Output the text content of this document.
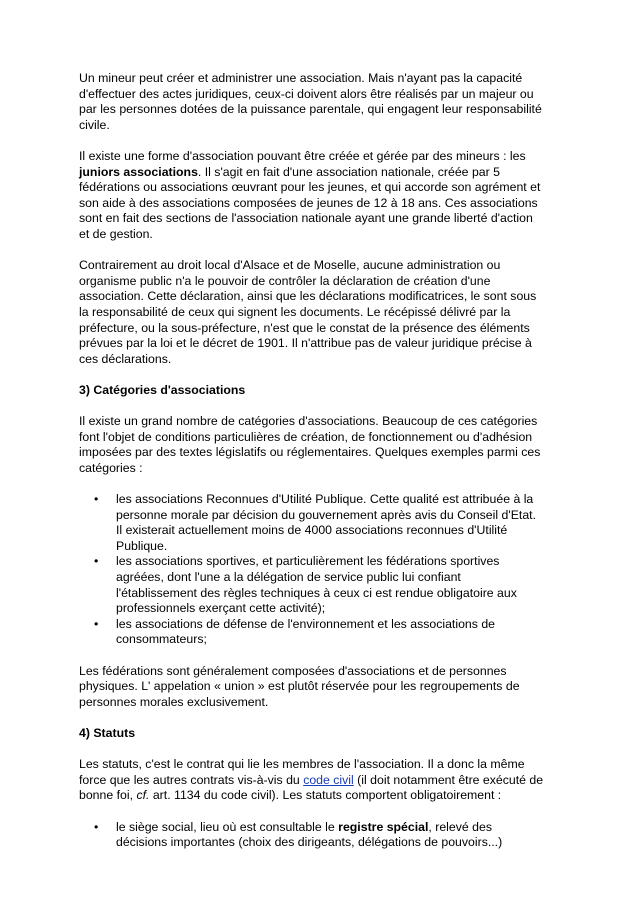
Un mineur peut créer et administrer une association. Mais n'ayant pas la capacité
d'effectuer des actes juridiques, ceux-ci doivent alors être réalisés par un majeur ou
par les personnes dotées de la puissance parentale, qui engagent leur responsabilité
civile.

Il existe une forme d'association pouvant être créée et gérée par des mineurs : les
juniors associations. Il s'agit en fait d'une association nationale, créée par 5
fédérations ou associations œuvrant pour les jeunes, et qui accorde son agrément et
son aide à des associations composées de jeunes de 12 à 18 ans. Ces associations
sont en fait des sections de l'association nationale ayant une grande liberté d'action
et de gestion.

Contrairement au droit local d'Alsace et de Moselle, aucune administration ou
organisme public n'a le pouvoir de contrôler la déclaration de création d'une
association. Cette déclaration, ainsi que les déclarations modificatrices, le sont sous
la responsabilité de ceux qui signent les documents. Le récépissé délivré par la
préfecture, ou la sous-préfecture, n'est que le constat de la présence des éléments
prévues par la loi et le décret de 1901. Il n'attribue pas de valeur juridique précise à
ces déclarations.

3) Catégories d'associations

Il existe un grand nombre de catégories d'associations. Beaucoup de ces catégories
font l'objet de conditions particulières de création, de fonctionnement ou d'adhésion
imposées par des textes législatifs ou réglementaires. Quelques exemples parmi ces
catégories :

• les associations Reconnues d'Utilité Publique. Cette qualité est attribuée à la
personne morale par décision du gouvernement après avis du Conseil d'Etat.
Il existerait actuellement moins de 4000 associations reconnues d'Utilité
Publique.
• les associations sportives, et particulièrement les fédérations sportives
agréées, dont l'une a la délégation de service public lui confiant
l'établissement des règles techniques à ceux ci est rendue obligatoire aux
professionnels exerçant cette activité);
• les associations de défense de l'environnement et les associations de
consommateurs;

Les fédérations sont généralement composées d'associations et de personnes
physiques. L' appelation « union » est plutôt réservée pour les regroupements de
personnes morales exclusivement.

4) Statuts

Les statuts, c'est le contrat qui lie les membres de l'association. Il a donc la même
force que les autres contrats vis-à-vis du code civil (il doit notamment être exécuté de
bonne foi, cf. art. 1134 du code civil). Les statuts comportent obligatoirement :

• le siège social, lieu où est consultable le registre spécial, relevé des
décisions importantes (choix des dirigeants, délégations de pouvoirs...)
